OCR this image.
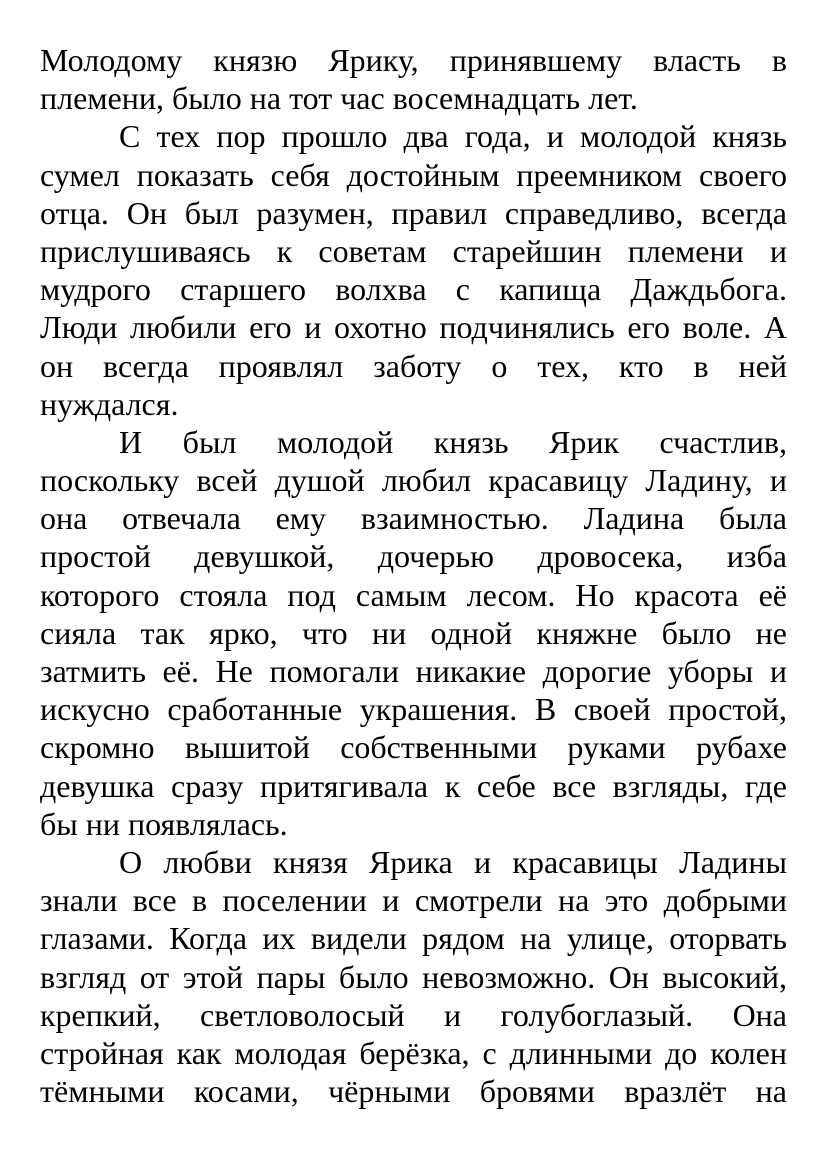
Молодому князю Ярику, принявшему власть в
племени, было на тот час восемнадцать лет.
С тех пор прошло два года, и молодой князь
сумел показать себя достойным преемником своего
отца. Он был разумен, правил справедливо, всегда
прислушиваясь к советам старейшин племени и
мудрого старшего волхва с капища Даждьбога.
Люди любили его и охотно подчинялись его воле. А
он всегда проявлял заботу о тех, кто в ней
нуждался.
И был молодой князь Ярик счастлив,
поскольку всей душой любил красавицу Ладину, и
она отвечала ему взаимностью. Ладина была
простой девушкой, дочерью дровосека, изба
которого стояла под самым лесом. Но красота её
сияла так ярко, что ни одной княжне было не
затмить её. Не помогали никакие дорогие уборы и
искусно сработанные украшения. В своей простой,
скромно вышитой собственными руками рубахе
девушка сразу притягивала к себе все взгляды, где
бы ни появлялась.
О любви князя Ярика и красавицы Ладины
знали все в поселении и смотрели на это добрыми
глазами. Когда их видели рядом на улице, оторвать
взгляд от этой пары было невозможно. Он высокий,
крепкий, светловолосый и голубоглазый. Она
стройная как молодая берёзка, с длинными до колен
тёмными косами, чёрными бровями вразлёт на
